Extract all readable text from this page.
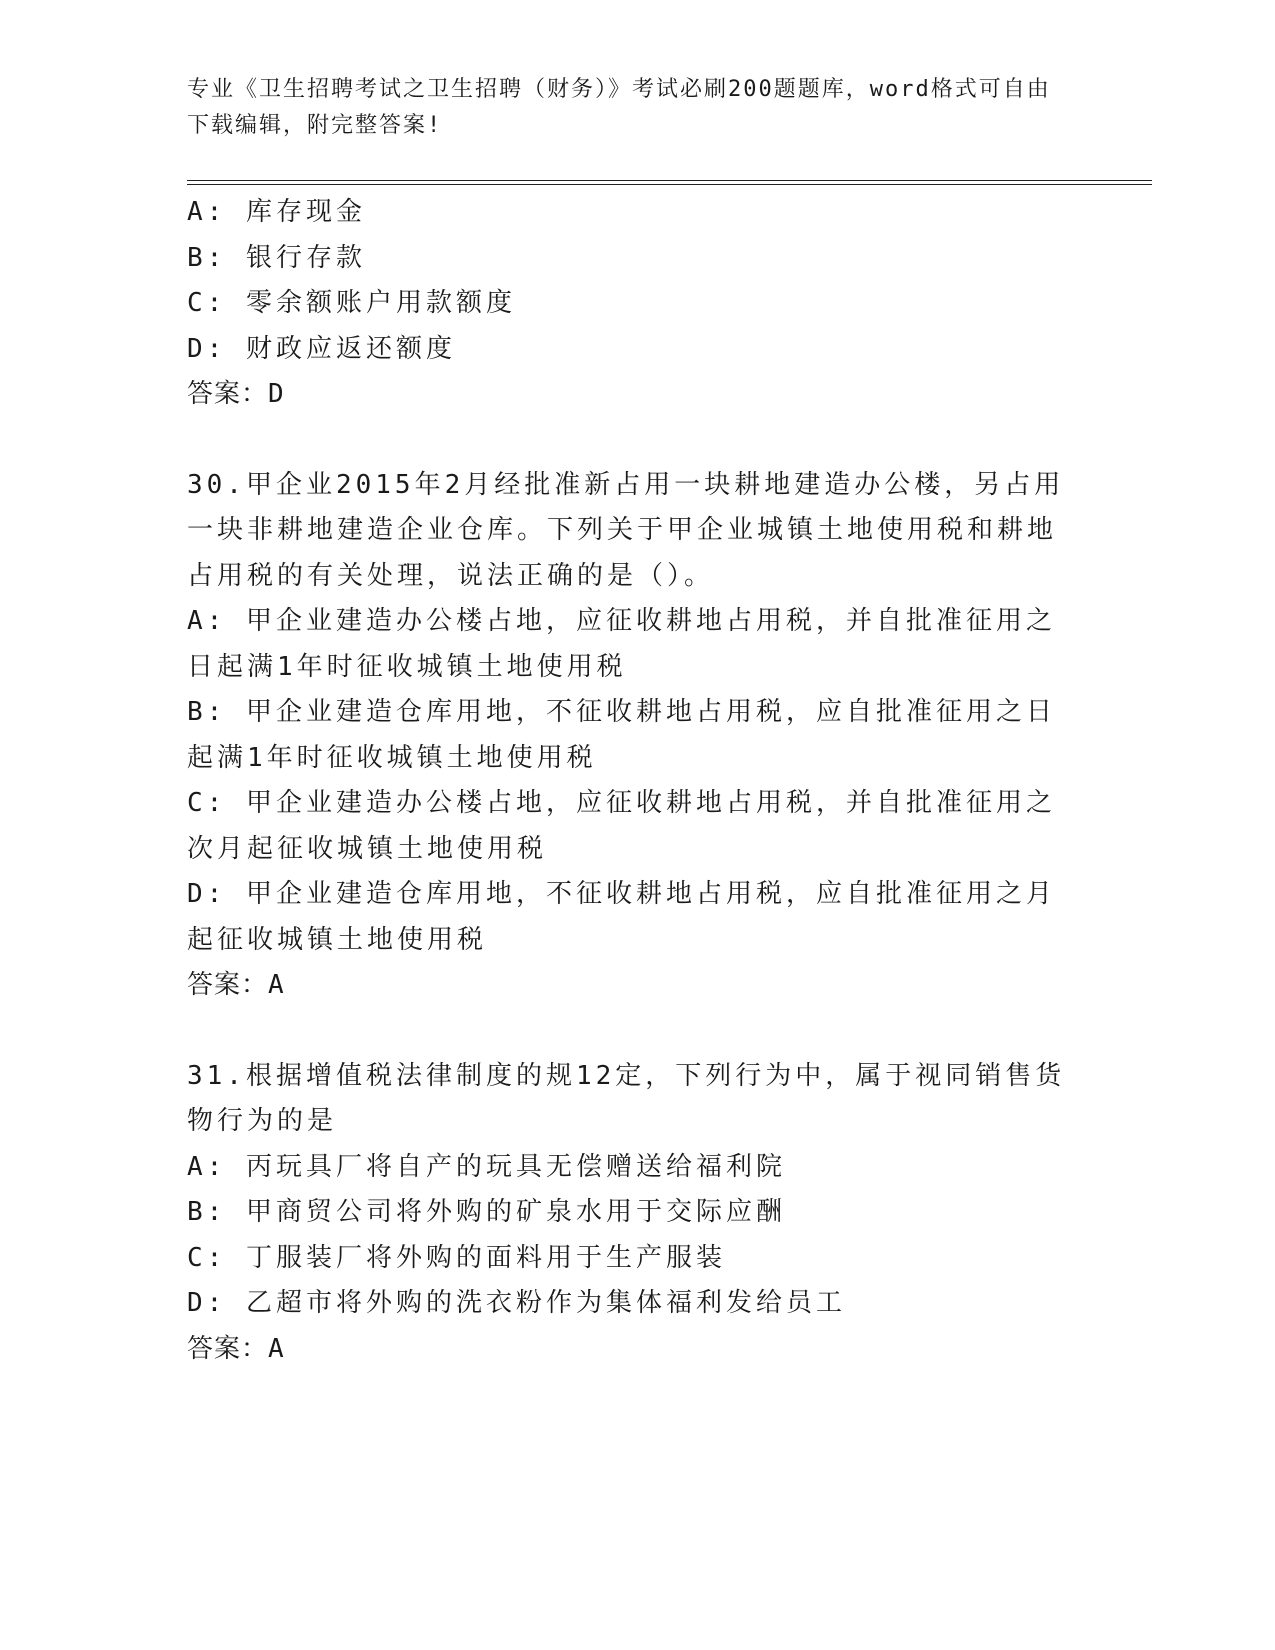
专业《卫生招聘考试之卫生招聘（财务）》考试必刷200题题库，word格式可自由下载编辑，附完整答案!

A: 库存现金

B: 银行存款

C: 零余额账户用款额度

D: 财政应返还额度

答案：D

30.甲企业2015年2月经批准新占用一块耕地建造办公楼，另占用一块非耕地建造企业仓库。下列关于甲企业城镇土地使用税和耕地占用税的有关处理，说法正确的是（）。

A: 甲企业建造办公楼占地，应征收耕地占用税，并自批准征用之日起满1年时征收城镇土地使用税

B: 甲企业建造仓库用地，不征收耕地占用税，应自批准征用之日起满1年时征收城镇土地使用税

C: 甲企业建造办公楼占地，应征收耕地占用税，并自批准征用之次月起征收城镇土地使用税

D: 甲企业建造仓库用地，不征收耕地占用税，应自批准征用之月起征收城镇土地使用税

答案：A

31.根据增值税法律制度的规12定，下列行为中，属于视同销售货物行为的是

A: 丙玩具厂将自产的玩具无偿赠送给福利院

B: 甲商贸公司将外购的矿泉水用于交际应酬

C: 丁服装厂将外购的面料用于生产服装

D: 乙超市将外购的洗衣粉作为集体福利发给员工

答案：A
